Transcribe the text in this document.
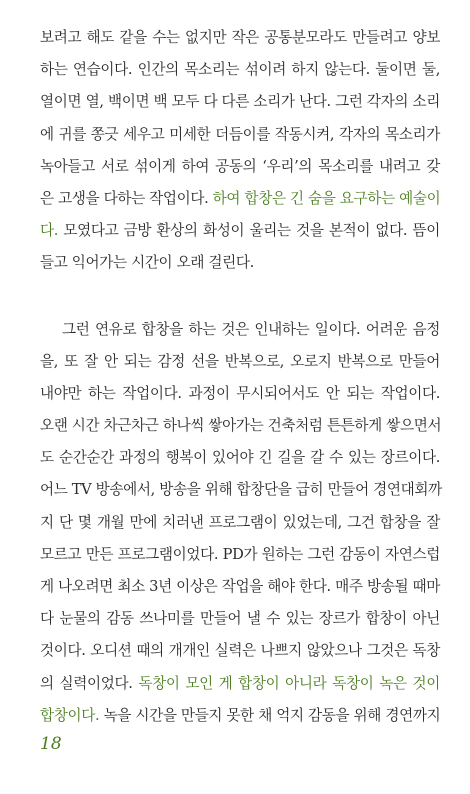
보려고 해도 같을 수는 없지만 작은 공통분모라도 만들려고 양보
하는 연습이다. 인간의 목소리는 섞이려 하지 않는다. 둘이면 둘,
열이면 열, 백이면 백 모두 다 다른 소리가 난다. 그런 각자의 소리
에 귀를 쫑긋 세우고 미세한 더듬이를 작동시켜, 각자의 목소리가
녹아들고 서로 섞이게 하여 공동의 ‘우리’의 목소리를 내려고 갖
은 고생을 다하는 작업이다. 하여 합창은 긴 숨을 요구하는 예술이
다. 모였다고 금방 환상의 화성이 울리는 것을 본적이 없다. 뜸이
들고 익어가는 시간이 오래 걸린다.
그런 연유로 합창을 하는 것은 인내하는 일이다. 어려운 음정
을, 또 잘 안 되는 감정 선을 반복으로, 오로지 반복으로 만들어
내야만 하는 작업이다. 과정이 무시되어서도 안 되는 작업이다.
오랜 시간 차근차근 하나씩 쌓아가는 건축처럼 튼튼하게 쌓으면서
도 순간순간 과정의 행복이 있어야 긴 길을 갈 수 있는 장르이다.
어느 TV 방송에서, 방송을 위해 합창단을 급히 만들어 경연대회까
지 단 몇 개월 만에 치러낸 프로그램이 있었는데, 그건 합창을 잘
모르고 만든 프로그램이었다. PD가 원하는 그런 감동이 자연스럽
게 나오려면 최소 3년 이상은 작업을 해야 한다. 매주 방송될 때마
다 눈물의 감동 쓰나미를 만들어 낼 수 있는 장르가 합창이 아닌
것이다. 오디션 때의 개개인 실력은 나쁘지 않았으나 그것은 독창
의 실력이었다. 독창이 모인 게 합창이 아니라 독창이 녹은 것이
합창이다. 녹을 시간을 만들지 못한 채 억지 감동을 위해 경연까지
18
